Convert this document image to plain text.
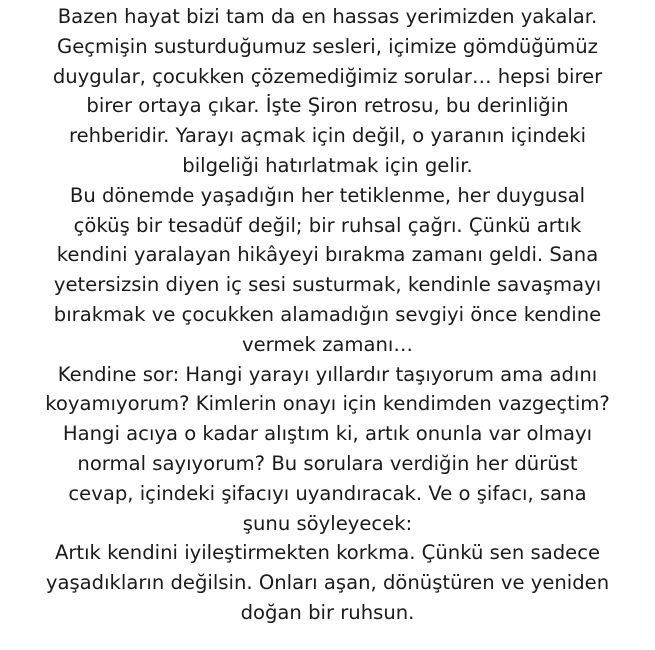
Bazen hayat bizi tam da en hassas yerimizden yakalar.
Geçmişin susturduğumuz sesleri, içimize gömdüğümüz
duygular, çocukken çözemediğimiz sorular… hepsi birer
birer ortaya çıkar. İşte Şiron retrosu, bu derinliğin
rehberidir. Yarayı açmak için değil, o yaranın içindeki
bilgeliği hatırlatmak için gelir.
Bu dönemde yaşadığın her tetiklenme, her duygusal
çöküş bir tesadüf değil; bir ruhsal çağrı. Çünkü artık
kendini yaralayan hikâyeyi bırakma zamanı geldi. Sana
yetersizsin diyen iç sesi susturmak, kendinle savaşmayı
bırakmak ve çocukken alamadığın sevgiyi önce kendine
vermek zamanı…
Kendine sor: Hangi yarayı yıllardır taşıyorum ama adını
koyamıyorum? Kimlerin onayı için kendimden vazgeçtim?
Hangi acıya o kadar alıştım ki, artık onunla var olmayı
normal sayıyorum? Bu sorulara verdiğin her dürüst
cevap, içindeki şifacıyı uyandıracak. Ve o şifacı, sana
şunu söyleyecek:
Artık kendini iyileştirmekten korkma. Çünkü sen sadece
yaşadıkların değilsin. Onları aşan, dönüştüren ve yeniden
doğan bir ruhsun.
